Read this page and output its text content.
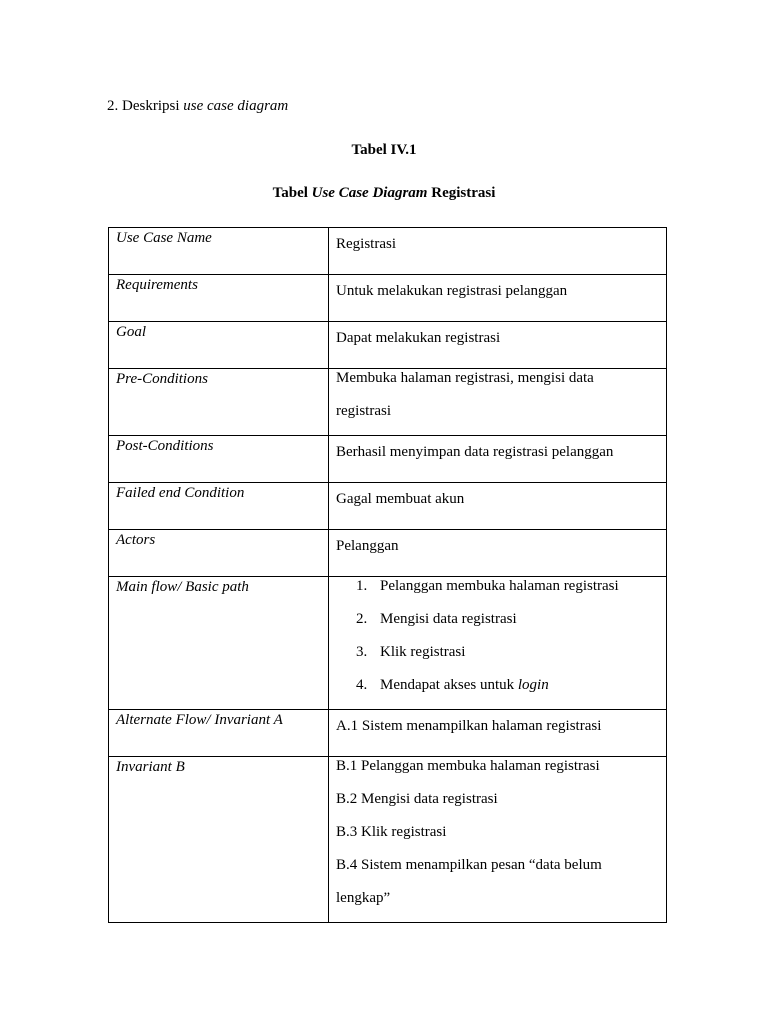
2. Deskripsi use case diagram
Tabel IV.1
Tabel Use Case Diagram Registrasi
Use Case Name	Registrasi
Requirements	Untuk melakukan registrasi pelanggan
Goal	Dapat melakukan registrasi
Pre-Conditions	Membuka halaman registrasi, mengisi data
registrasi

Post-Conditions	Berhasil menyimpan data registrasi pelanggan
Failed end Condition	Gagal membuat akun
Actors	Pelanggan
Main flow/ Basic path	1. Pelanggan membuka halaman registrasi
2. Mengisi data registrasi
3. Klik registrasi
4. Mendapat akses untuk login

Alternate Flow/ Invariant A	A.1 Sistem menampilkan halaman registrasi
Invariant B	B.1 Pelanggan membuka halaman registrasi
B.2 Mengisi data registrasi
B.3 Klik registrasi
B.4 Sistem menampilkan pesan “data belum
lengkap”
